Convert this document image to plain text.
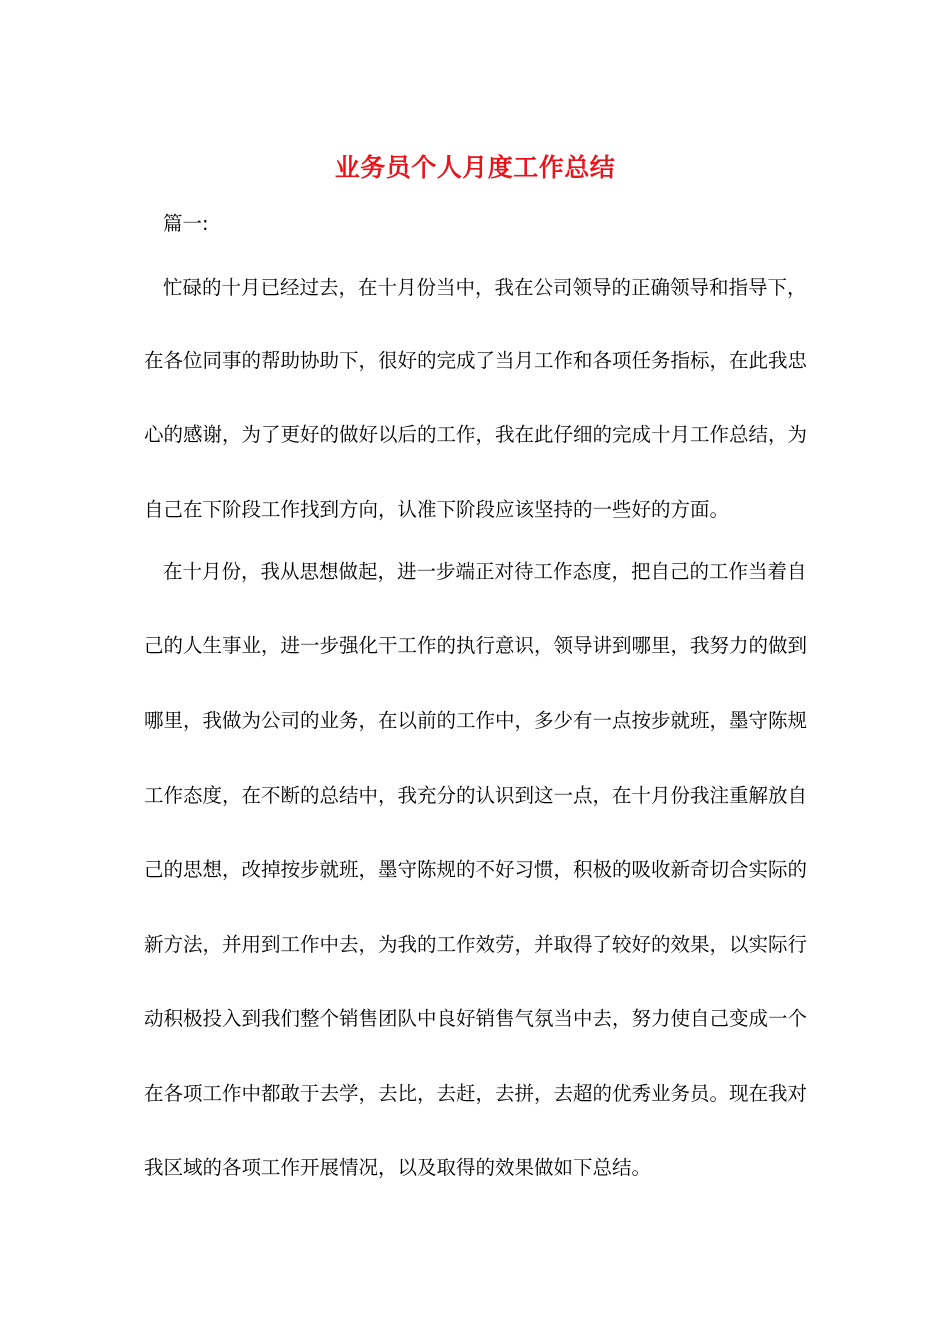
业务员个人月度工作总结
篇一:
忙碌的十月已经过去，在十月份当中，我在公司领导的正确领导和指导下，
在各位同事的帮助协助下，很好的完成了当月工作和各项任务指标，在此我忠
心的感谢，为了更好的做好以后的工作，我在此仔细的完成十月工作总结，为
自己在下阶段工作找到方向，认准下阶段应该坚持的一些好的方面。
在十月份，我从思想做起，进一步端正对待工作态度，把自己的工作当着自
己的人生事业，进一步强化干工作的执行意识，领导讲到哪里，我努力的做到
哪里，我做为公司的业务，在以前的工作中，多少有一点按步就班，墨守陈规
工作态度，在不断的总结中，我充分的认识到这一点，在十月份我注重解放自
己的思想，改掉按步就班，墨守陈规的不好习惯，积极的吸收新奇切合实际的
新方法，并用到工作中去，为我的工作效劳，并取得了较好的效果，以实际行
动积极投入到我们整个销售团队中良好销售气氛当中去，努力使自己变成一个
在各项工作中都敢于去学，去比，去赶，去拼，去超的优秀业务员。现在我对
我区域的各项工作开展情况，以及取得的效果做如下总结。
